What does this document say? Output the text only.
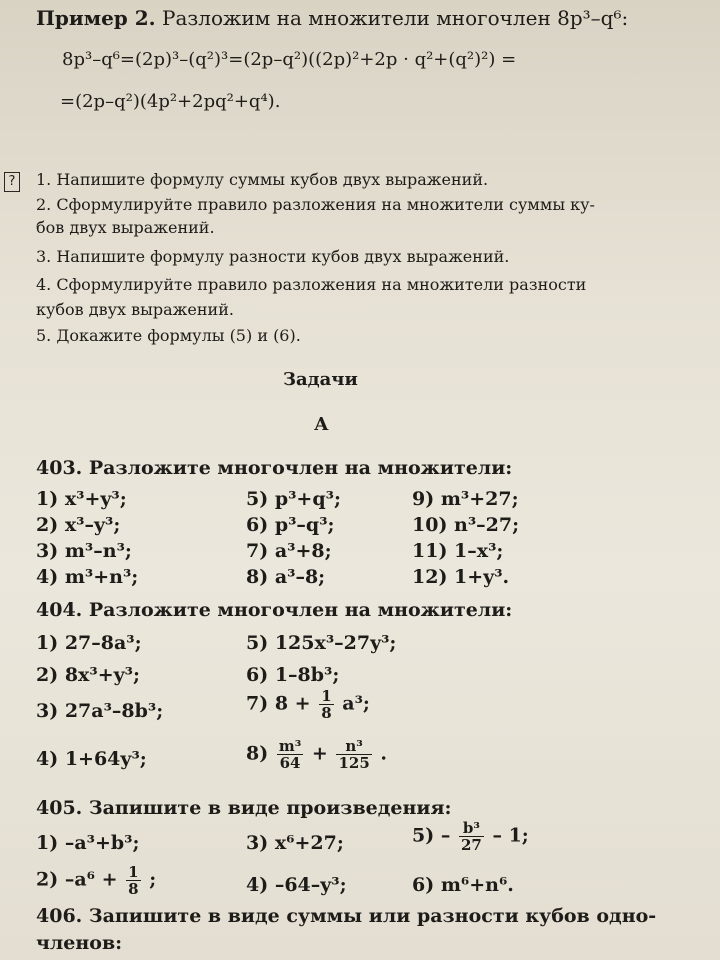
Пример 2. Разложим на множители многочлен 8p³–q⁶:
8p³–q⁶=(2p)³–(q²)³=(2p–q²)((2p)²+2p · q²+(q²)²) =
=(2p–q²)(4p²+2pq²+q⁴).
? 1. Напишите формулу суммы кубов двух выражений.
2. Сформулируйте правило разложения на множители суммы ку-
бов двух выражений.
3. Напишите формулу разности кубов двух выражений.
4. Сформулируйте правило разложения на множители разности
кубов двух выражений.
5. Докажите формулы (5) и (6).
Задачи
А
403. Разложите многочлен на множители:
1) x³+y³;
2) x³–y³;
3) m³–n³;
4) m³+n³;
5) p³+q³;
6) p³–q³;
7) a³+8;
8) a³–8;
9) m³+27;
10) n³–27;
11) 1–x³;
12) 1+y³.
404. Разложите многочлен на множители:
1) 27–8a³;
2) 8x³+y³;
3) 27a³–8b³;
4) 1+64y³;
5) 125x³–27y³;
6) 1–8b³;
7) $8 + \frac{1}{8} a^3$;
$8) \frac{\text{m³}}{64} + \frac{\text{n³}}{125}$ .
405. Запишите в виде произведения:
1) –a³+b³;	3) x⁶+27;
4) –64–y³;	6) m⁶+n⁶.
$5) - \frac{\text{b³}}{27} - 1$;
2) $-a^6 + \frac{1}{8}$ ;
406. Запишите в виде суммы или разности кубов одно-
членов:
